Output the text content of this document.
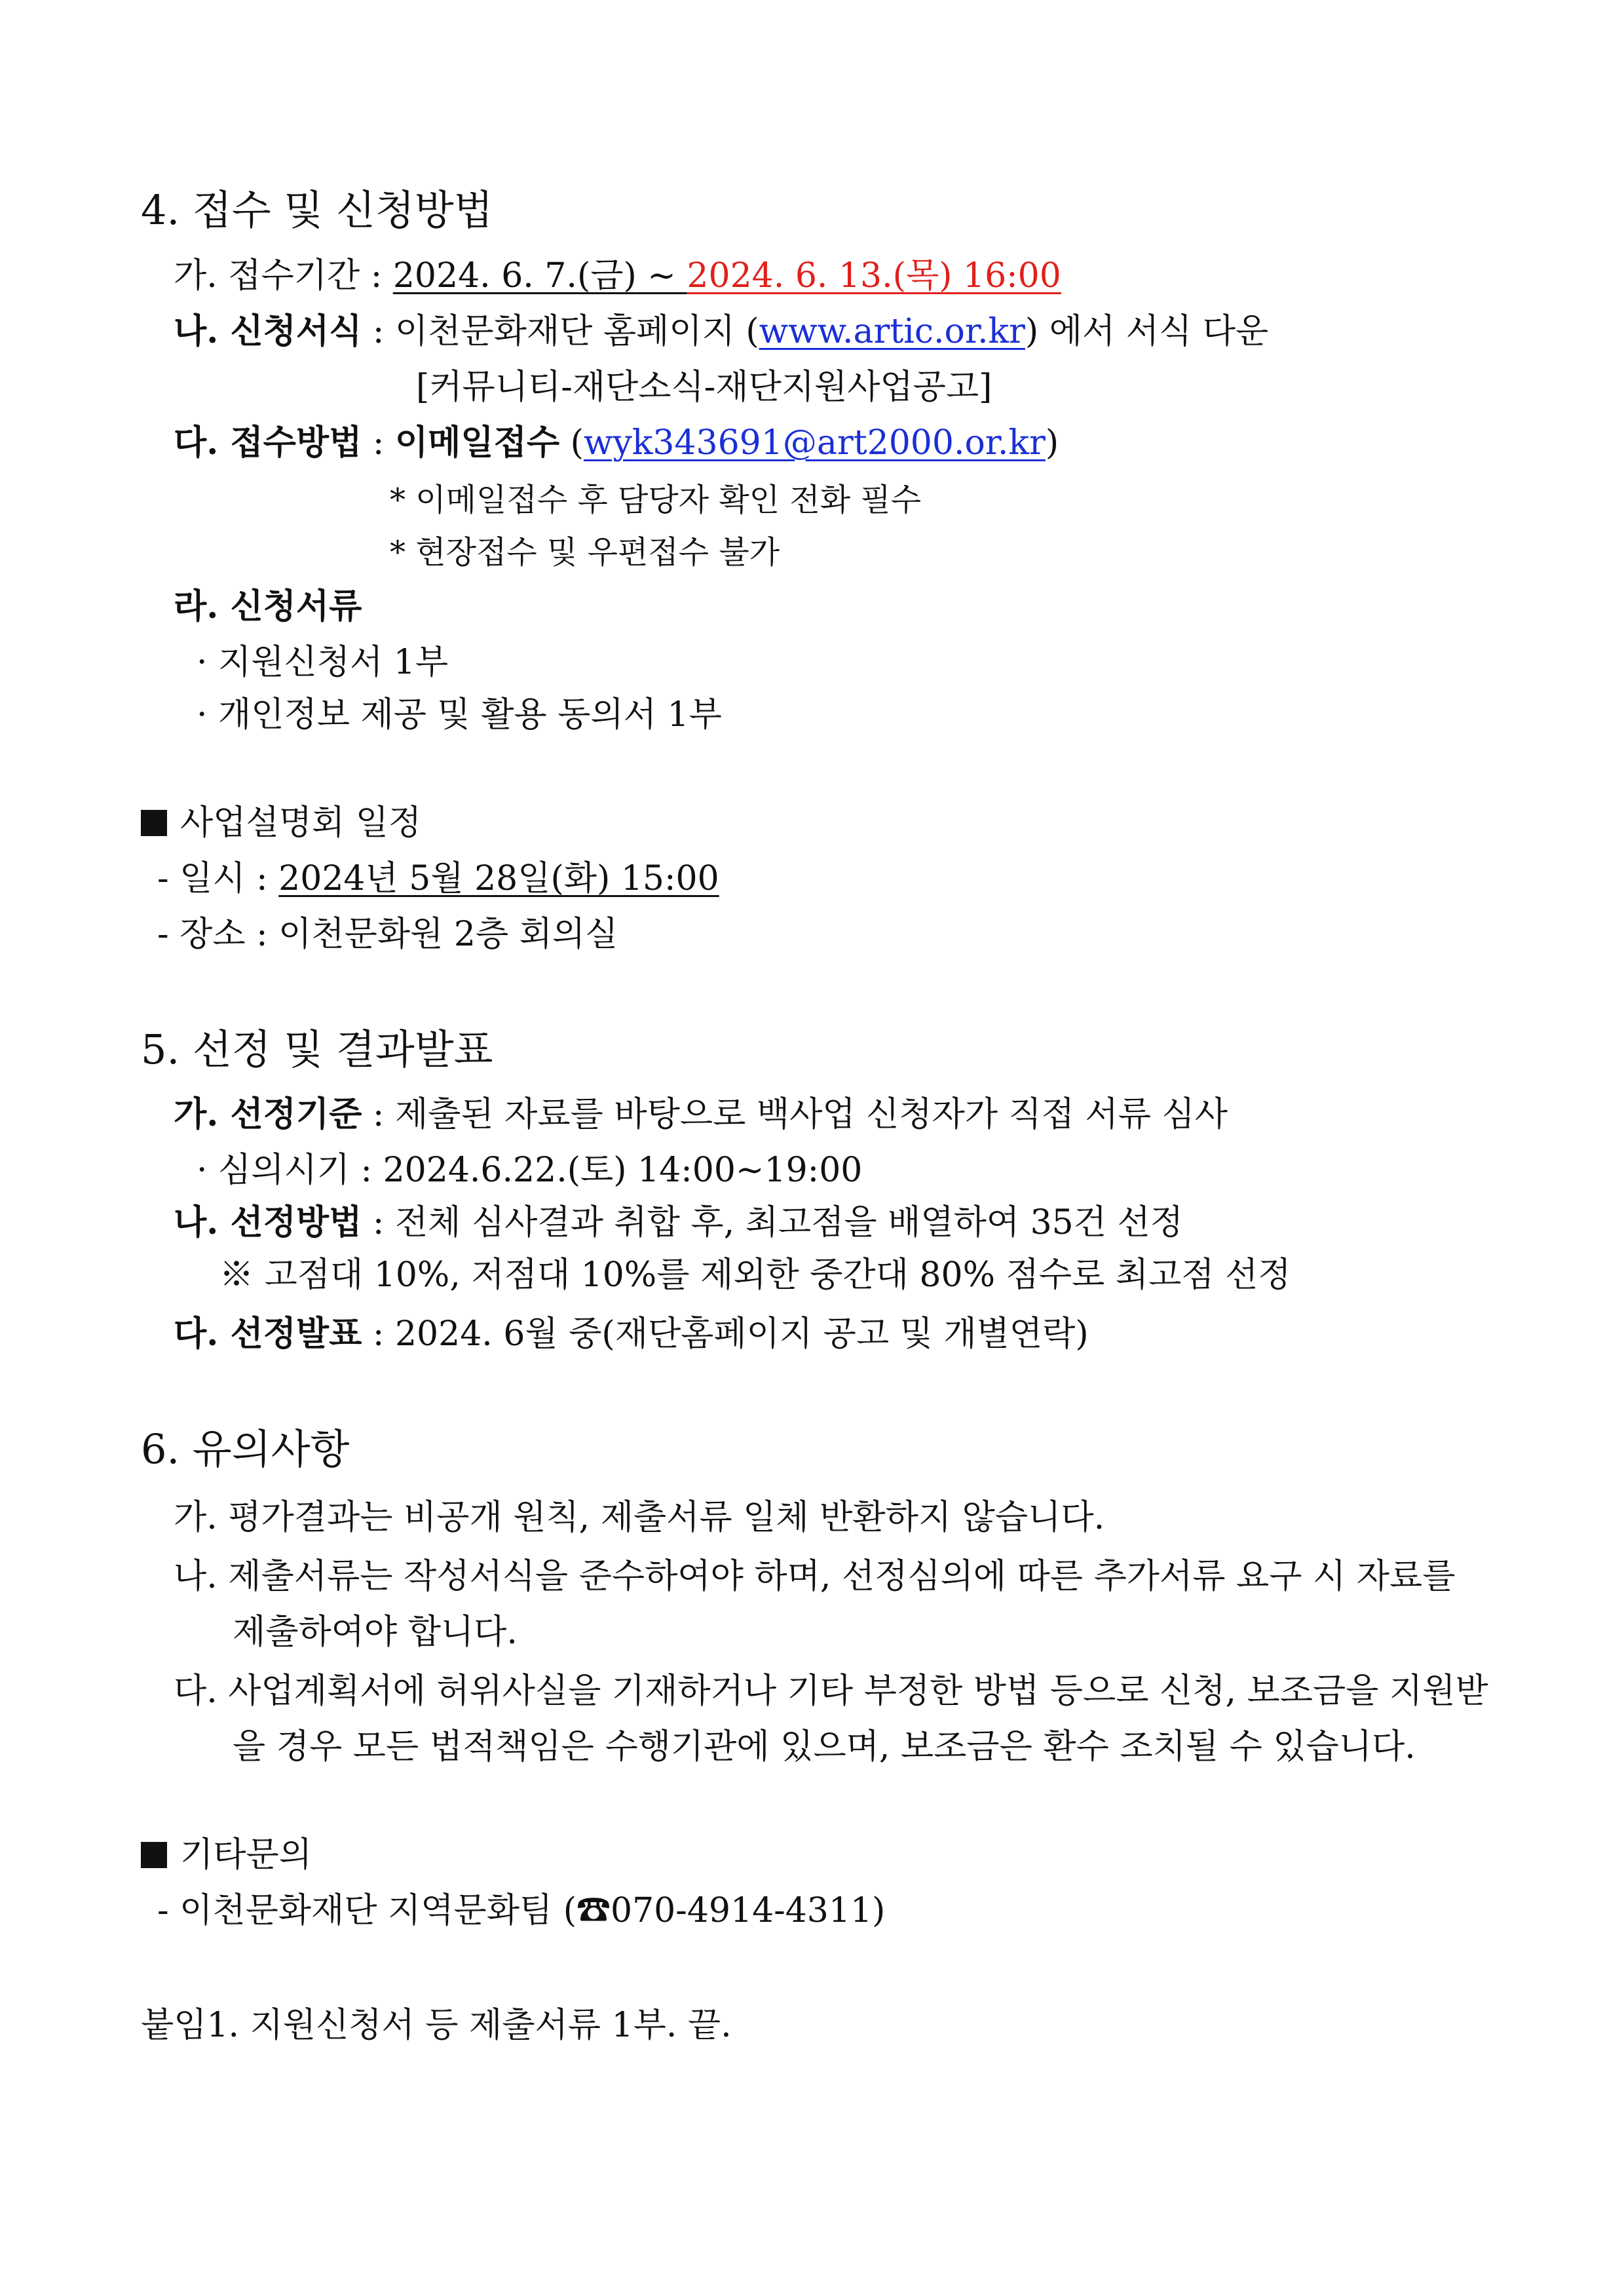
4. 접수 및 신청방법
가. 접수기간 : 2024. 6. 7.(금) ~ 2024. 6. 13.(목) 16:00
나. 신청서식 : 이천문화재단 홈페이지 (www.artic.or.kr) 에서 서식 다운
[커뮤니티-재단소식-재단지원사업공고]
다. 접수방법 : 이메일접수 (wyk343691@art2000.or.kr)
* 이메일접수 후 담당자 확인 전화 필수
* 현장접수 및 우편접수 불가
라. 신청서류
· 지원신청서 1부
· 개인정보 제공 및 활용 동의서 1부
사업설명회 일정
- 일시 : 2024년 5월 28일(화) 15:00
- 장소 : 이천문화원 2층 회의실
5. 선정 및 결과발표
가. 선정기준 : 제출된 자료를 바탕으로 백사업 신청자가 직접 서류 심사
· 심의시기 : 2024.6.22.(토) 14:00~19:00
나. 선정방법 : 전체 심사결과 취합 후, 최고점을 배열하여 35건 선정
※ 고점대 10%, 저점대 10%를 제외한 중간대 80% 점수로 최고점 선정
다. 선정발표 : 2024. 6월 중(재단홈페이지 공고 및 개별연락)
6. 유의사항
가. 평가결과는 비공개 원칙, 제출서류 일체 반환하지 않습니다.
나. 제출서류는 작성서식을 준수하여야 하며, 선정심의에 따른 추가서류 요구 시 자료를
제출하여야 합니다.
다. 사업계획서에 허위사실을 기재하거나 기타 부정한 방법 등으로 신청, 보조금을 지원받
을 경우 모든 법적책임은 수행기관에 있으며, 보조금은 환수 조치될 수 있습니다.
기타문의
- 이천문화재단 지역문화팀 (☎070-4914-4311)
붙임1. 지원신청서 등 제출서류 1부. 끝.
